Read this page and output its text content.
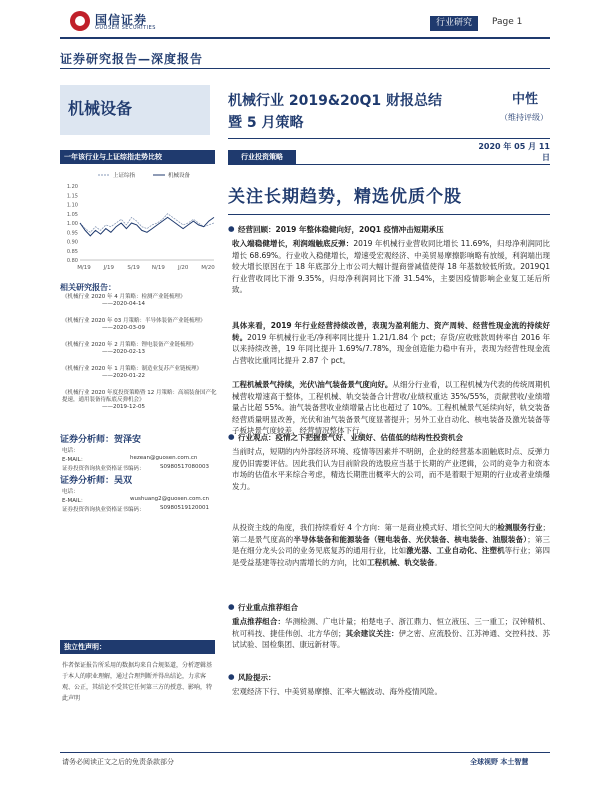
国信证券
GUOSEN SECURITIES	行业研究	Page 1
证券研究报告—深度报告
机械设备	机械行业 2019&20Q1 财报总结
暨 5 月策略
中性
（维持评级）
2020 年 05 月 11 日
一年该行业与上证综指走势比较
上证综指	机械设备
1.20
1.15
1.10
1.05
1.00
0.95
0.90
0.85
0.80
M/19 J/19 S/19 N/19 J/20 M/20
相关研究报告：
《机械行业 2020 年 4 月策略：检测产业链梳理》
——2020-04-14
《机械行业 2020 年 03 月策略：半导体装备产业链梳理》
——2020-03-09
《机械行业 2020 年 2 月策略：锂电装备产业链梳理》
——2020-02-13
《机械行业 2020 年 1 月策略：制造业复苏产业链梳理》
——2020-01-22
《机械行业 2020 年度投资策略暨 12 月策略：高端装备国产化提速，通用装备待酝底反弹机会》
——2019-12-05
证券分析师：贺泽安
电话：
E-MAIL：	hezean@guosen.com.cn
证券投资咨询执业资格证书编码：	S0980517080003
证券分析师：吴双
电话：
E-MAIL：	wushuang2@guosen.com.cn
证券投资咨询执业资格证书编码：	S0980519120001
独立性声明：
作者保证报告所采用的数据均来自合规渠道，分析逻辑基于本人的职业理解，通过合理判断并得出结论，力求客观、公正，其结论不受其它任何第三方的授意、影响，特此声明
行业投资策略
关注长期趋势，精选优质个股
● 经营回顾：2019 年整体稳健向好，20Q1 疫情冲击短期承压
收入端稳健增长，利润端触底反弹：2019 年机械行业营收同比增长 11.69%，归母净利润同比增长 68.69%。行业收入稳健增长，增速受宏观经济、中美贸易摩擦影响略有放缓，利润端出现较大增长原因在于 18 年底部分上市公司大幅计提商誉减值使得 18 年基数较低所致。2019Q1 行业营收同比下滑 9.35%，归母净利润同比下滑 31.54%，主要因疫情影响企业复工延后所致。
具体来看，2019 年行业经营持续改善，表现为盈利能力、资产周转、经营性现金流的持续好转。2019 年机械行业毛/净利率同比提升 1.21/1.84 个 pct；存货/应收账款周转率自 2016 年以来持续改善，19 年同比提升 1.69%/7.78%，现金创造能力稳中有升，表现为经营性现金流占营收比重同比提升 2.87 个 pct。
工程机械景气持续，光伏\油气装备景气度向好。从细分行业看，以工程机械为代表的传统周期机械营收增速高于整体，工程机械、轨交装备合计营收/业绩权重达 35%/55%，贡献营收/业绩增量占比超 55%。油气装备营收业绩增量占比也超过了 10%。工程机械景气延续向好，轨交装备经营质量明显改善，光伏和油气装备景气度显著提升；另外工业自动化、核电装备及激光装备等子板块景气度较差，经营情况整体下行。
● 行业观点：疫情之下把握景气好、业绩好、估值低的结构性投资机会
当前时点，短期的内外部经济环境、疫情等因素并不明朗，企业的经营基本面触底时点、反弹力度仍旧需要评估。因此我们认为目前阶段的选股应当基于长期的产业逻辑，公司的竞争力和资本市场的估值水平来综合考虑，精选长期胜出概率大的公司，而不是着眼于短期的行业或者业绩爆发力。
从投资主线的角度，我们持续看好 4 个方向：第一是商业模式好、增长空间大的检测服务行业；第二是景气度高的半导体装备和能源装备（锂电装备、光伏装备、核电装备、油服装备）；第三是在细分龙头公司的业务见底复苏的通用行业，比如激光器、工业自动化、注塑机等行业；第四是受益基建等拉动内需增长的方向，比如工程机械、轨交装备。
● 行业重点推荐组合
重点推荐组合：华测检测、广电计量；柏楚电子、浙江鼎力、恒立液压、三一重工；汉钟精机、杭可科技、捷佳伟创、北方华创；其余建议关注：伊之密、应流股份、江苏神通、交控科技、苏试试验、国检集团、康远新材等。
● 风险提示：
宏观经济下行、中美贸易摩擦、汇率大幅波动、海外疫情风险。
请务必阅读正文之后的免责条款部分	全球视野 本土智慧
